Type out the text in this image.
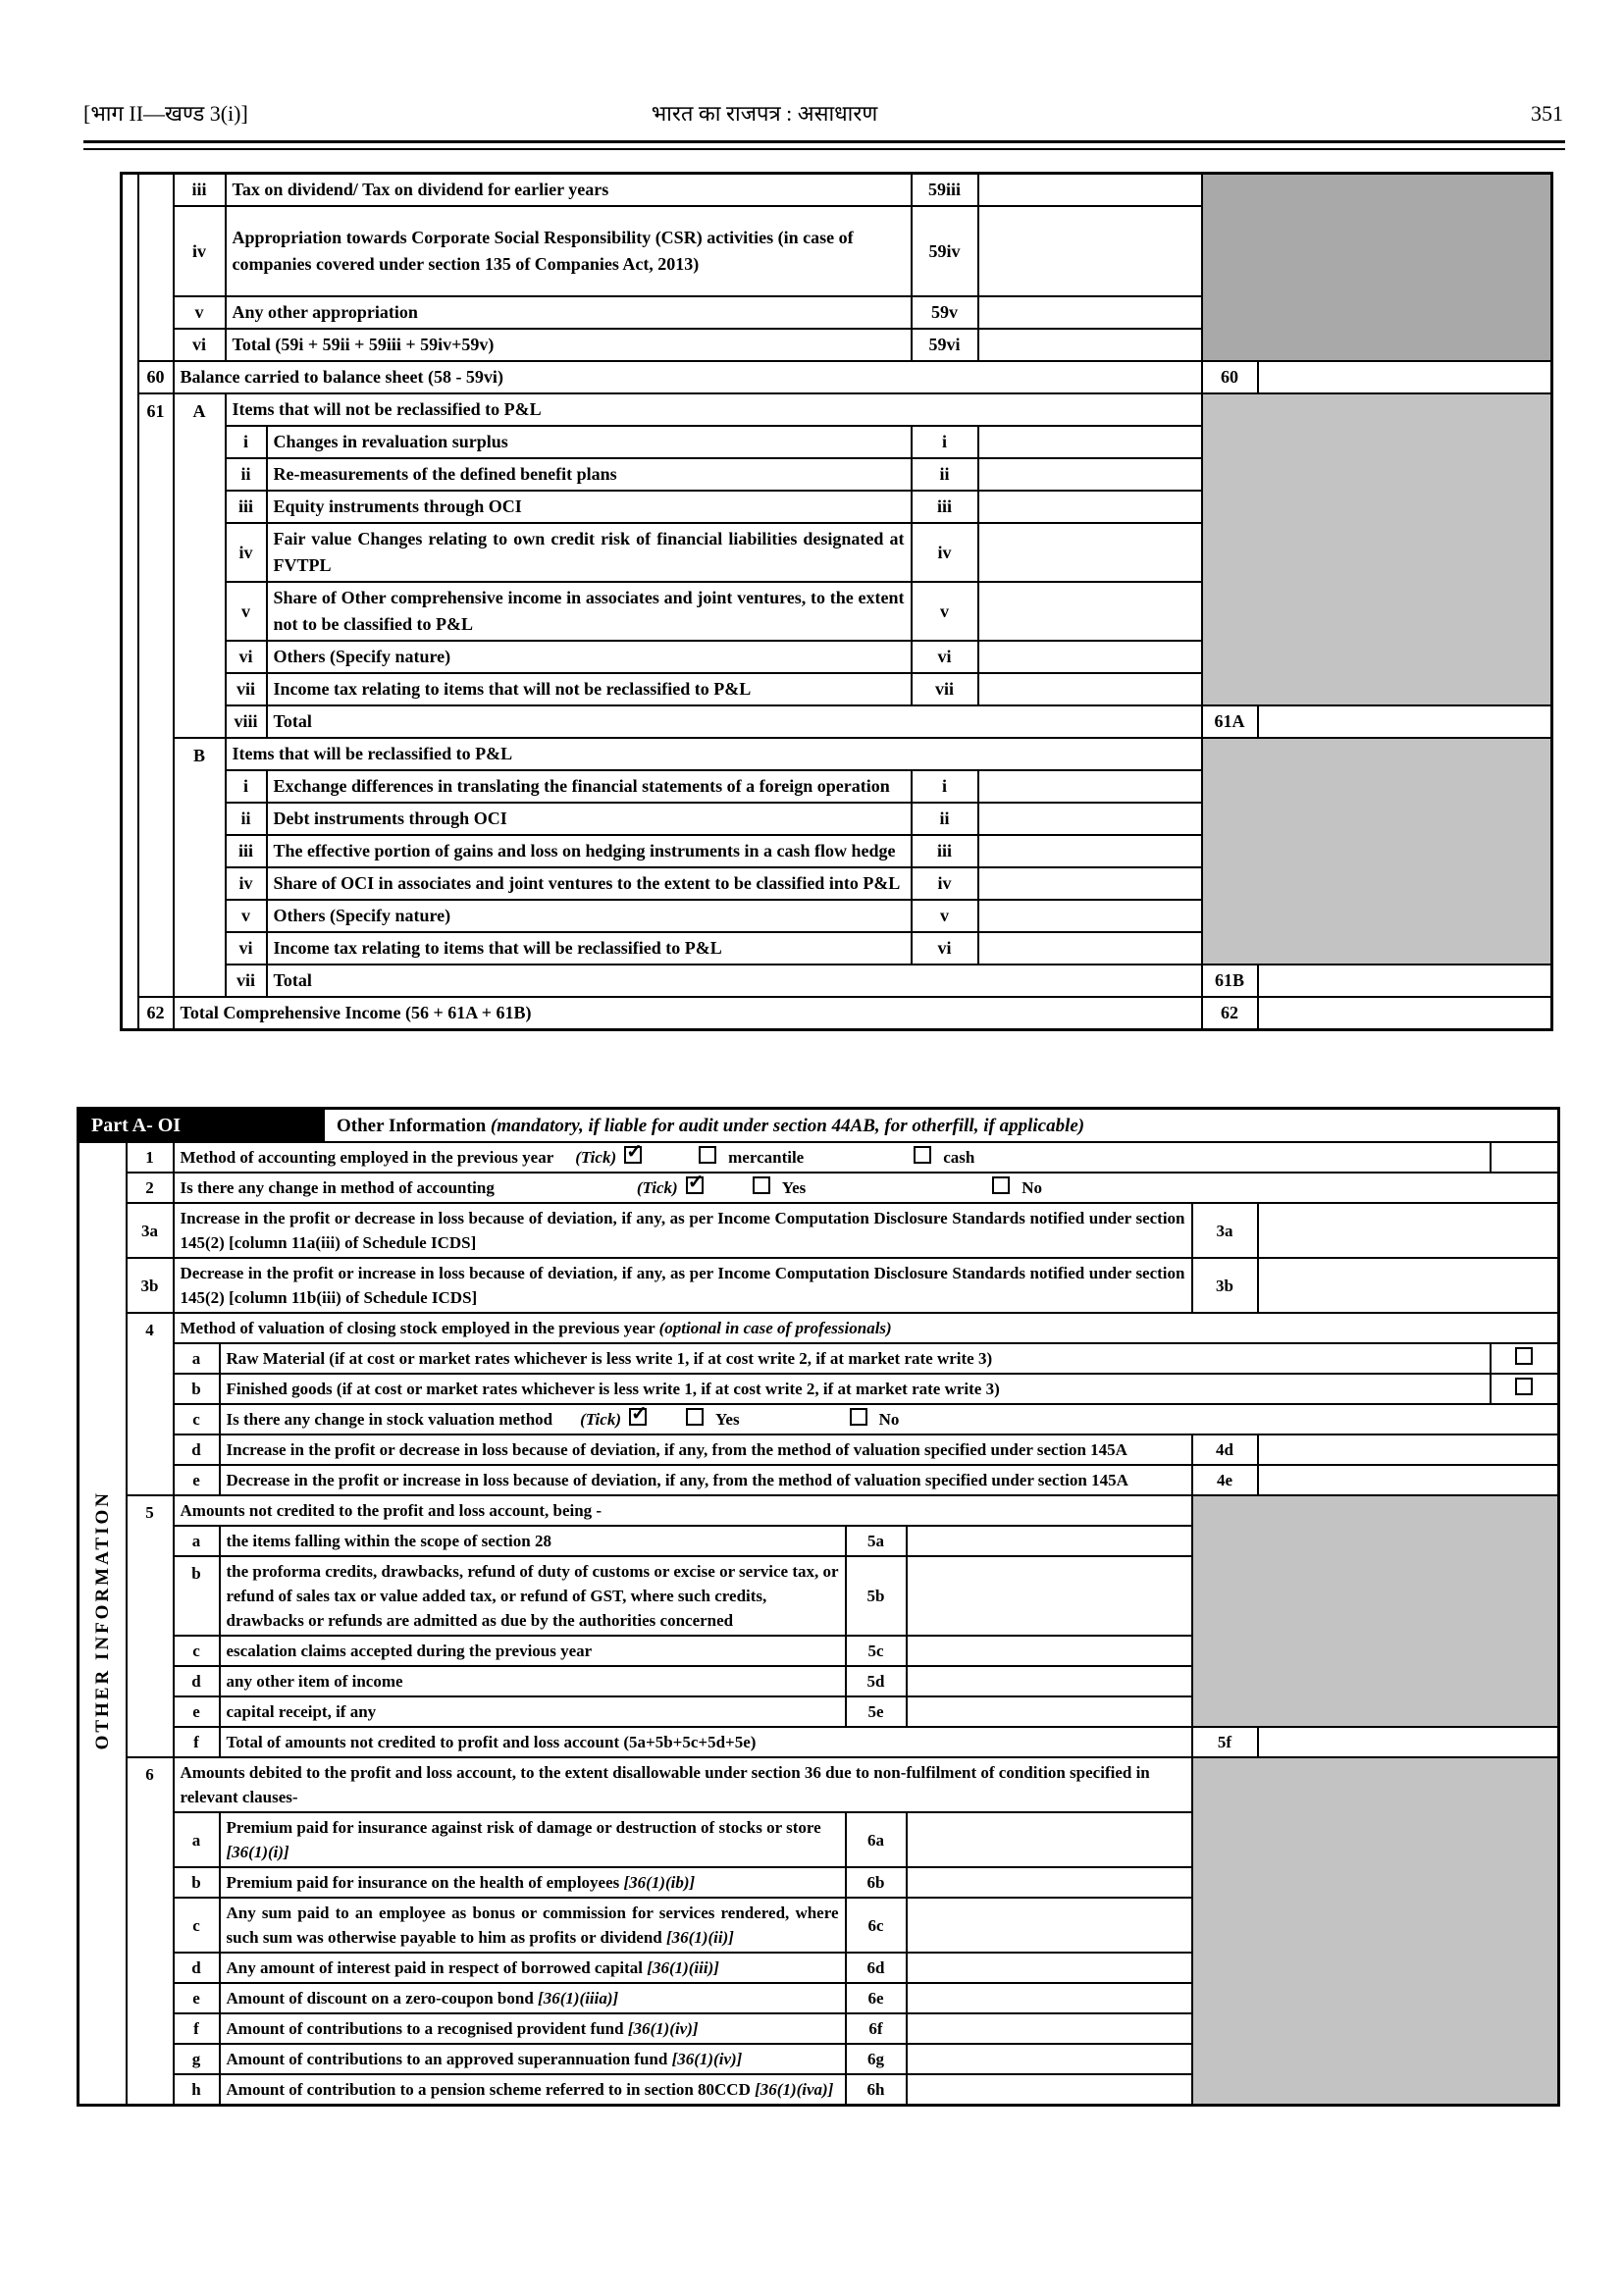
[भाग II—खण्ड 3(i)]	भारत का राजपत्र : असाधारण	351
		iii	Tax on dividend/ Tax on dividend for earlier years		59iii			
		iv	Appropriation towards Corporate Social Responsibility (CSR) activities (in case of companies covered under section 135 of Companies Act, 2013)		59iv			
		v	Any other appropriation		59v			
		vi	Total (59i + 59ii + 59iii + 59iv+59v)		59vi			
	60	Balance carried to balance sheet (58 - 59vi)					60	
	61	A	Items that will not be reclassified to P&L					
			i	Changes in revaluation surplus	i			
			ii	Re-measurements of the defined benefit plans	ii			
			iii	Equity instruments through OCI	iii			
			iv	Fair value Changes relating to own credit risk of financial liabilities designated at FVTPL	iv			
			v	Share of Other comprehensive income in associates and joint ventures, to the extent not to be classified to P&L	v			
			vi	Others (Specify nature)	vi			
			vii	Income tax relating to items that will not be reclassified to P&L	vii			
			viii	Total			61A	
		B	Items that will be reclassified to P&L					
			i	Exchange differences in translating the financial statements of a foreign operation	i			
			ii	Debt instruments through OCI	ii			
			iii	The effective portion of gains and loss on hedging instruments in a cash flow hedge	iii			
			iv	Share of OCI in associates and joint ventures to the extent to be classified into P&L	iv			
			v	Others (Specify nature)	v			
			vi	Income tax relating to items that will be reclassified to P&L	vi			
			vii	Total			61B	
	62	Total Comprehensive Income (56 + 61A + 61B)					62	
Part A- OI Other Information
(mandatory, if liable for audit under section 44AB, for otherfill, if applicable)								

OTHER INFORMATION	1	Method of accounting employed in the previous year (Tick) ✓ mercantile cash	
	2	Is there any change in method of accounting (Tick) ✓ Yes No
	3a	Increase in the profit or decrease in loss because of deviation, if any, as per Income Computation Disclosure Standards notified under section 145(2) [column 11a(iii) of Schedule ICDS]				3a		
	3b	Decrease in the profit or increase in loss because of deviation, if any, as per Income Computation Disclosure Standards notified under section 145(2) [column 11b(iii) of Schedule ICDS]				3b		
	4	Method of valuation of closing stock employed in the previous year (optional in case of professionals)						
		a	Raw Material (if at cost or market rates whichever is less write 1, if at cost write 2, if at market rate write 3)					
		b	Finished goods (if at cost or market rates whichever is less write 1, if at cost write 2, if at market rate write 3)					
		c	Is there any change in stock valuation method (Tick) ✓ Yes No
		d	Increase in the profit or decrease in loss because of deviation, if any, from the method of valuation specified under section 145A			4d		
		e	Decrease in the profit or increase in loss because of deviation, if any, from the method of valuation specified under section 145A			4e		
	5	Amounts not credited to the profit and loss account, being -						
		a	the items falling within the scope of section 28	5a				
		b	the proforma credits, drawbacks, refund of duty of customs or excise or service tax, or refund of sales tax or value added tax, or refund of GST, where such credits, drawbacks or refunds are admitted as due by the authorities concerned	5b				
		c	escalation claims accepted during the previous year	5c				
		d	any other item of income	5d				
		e	capital receipt, if any	5e				
		f	Total of amounts not credited to profit and loss account (5a+5b+5c+5d+5e)			5f		
	6	Amounts debited to the profit and loss account, to the extent disallowable under section 36 due to non-fulfilment of condition specified in relevant clauses-						
		a	Premium paid for insurance against risk of damage or destruction of stocks or store [36(1)(i)]	6a				
		b	Premium paid for insurance on the health of employees [36(1)(ib)]	6b				
		c	Any sum paid to an employee as bonus or commission for services rendered, where such sum was otherwise payable to him as profits or dividend [36(1)(ii)]	6c				
		d	Any amount of interest paid in respect of borrowed capital [36(1)(iii)]	6d				
		e	Amount of discount on a zero-coupon bond [36(1)(iiia)]	6e				
		f	Amount of contributions to a recognised provident fund [36(1)(iv)]	6f				
		g	Amount of contributions to an approved superannuation fund [36(1)(iv)]	6g				
		h	Amount of contribution to a pension scheme referred to in section 80CCD [36(1)(iva)]	6h				
